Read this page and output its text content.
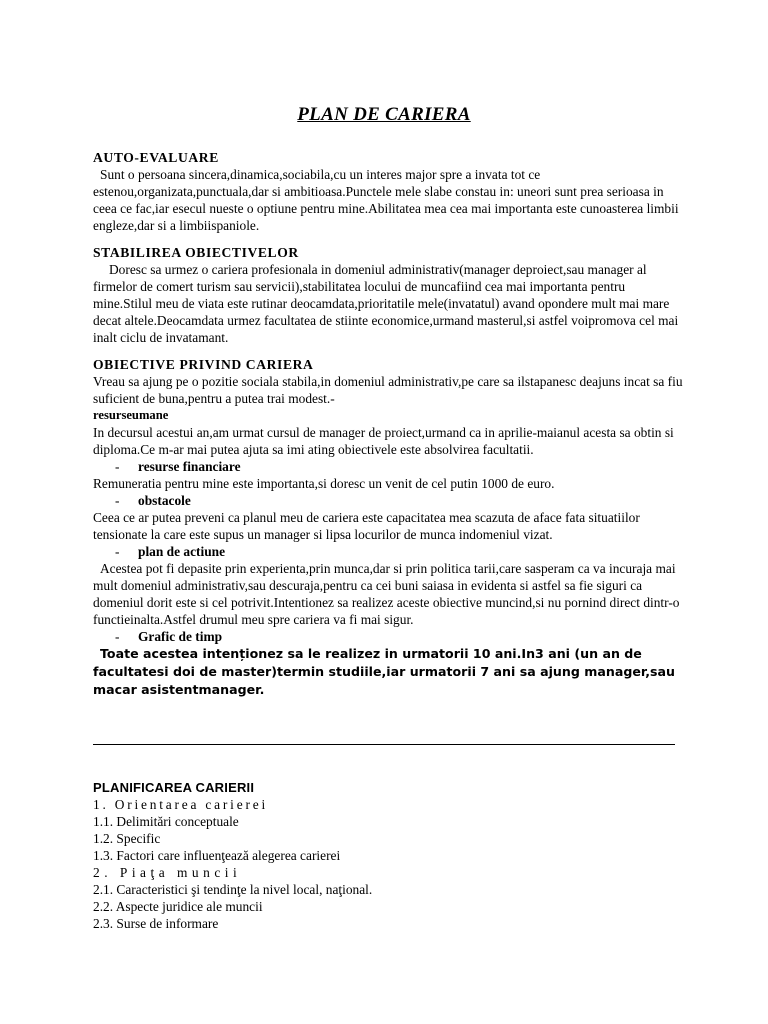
PLAN DE CARIERA
AUTO-EVALUARE

Sunt o persoana sincera,dinamica,sociabila,cu un interes major spre a invata tot ce estenou,organizata,punctuala,dar si ambitioasa.Punctele mele slabe constau in: uneori sunt prea serioasa in ceea ce fac,iar esecul nueste o optiune pentru mine.Abilitatea mea cea mai importanta este cunoasterea limbii engleze,dar si a limbiispaniole.

STABILIREA OBIECTIVELOR

Doresc sa urmez o cariera profesionala in domeniul administrativ(manager deproiect,sau manager al firmelor de comert turism sau servicii),stabilitatea locului de muncafiind cea mai importanta pentru mine.Stilul meu de viata este rutinar deocamdata,prioritatile mele(invatatul) avand opondere mult mai mare decat altele.Deocamdata urmez facultatea de stiinte economice,urmand masterul,si astfel voipromova cel mai inalt ciclu de invatamant.

OBIECTIVE PRIVIND CARIERA

Vreau sa ajung pe o pozitie sociala stabila,in domeniul administrativ,pe care sa ilstapanesc deajuns incat sa fiu suficient de buna,pentru a putea trai modest.-

resurseumane

In decursul acestui an,am urmat cursul de manager de proiect,urmand ca in aprilie-maianul acesta sa obtin si diploma.Ce m-ar mai putea ajuta sa imi ating obiectivele este absolvirea facultatii.

-	resurse financiare

Remuneratia pentru mine este importanta,si doresc un venit de cel putin 1000 de euro.

-	obstacole

Ceea ce ar putea preveni ca planul meu de cariera este capacitatea mea scazuta de aface fata situatiilor tensionate la care este supus un manager si lipsa locurilor de munca indomeniul vizat.

-	plan de actiune

Acestea pot fi depasite prin experienta,prin munca,dar si prin politica tarii,care sasperam ca va incuraja mai mult domeniul administrativ,sau descuraja,pentru ca cei buni saiasa in evidenta si astfel sa fie siguri ca domeniul dorit este si cel potrivit.Intentionez sa realizez aceste obiective muncind,si nu pornind direct dintr-o functieinalta.Astfel drumul meu spre cariera va fi mai sigur.

-	Grafic de timp

Toate acestea intenționez sa le realizez in urmatorii 10 ani.In3 ani (un an de facultatesi doi de master)termin studiile,iar urmatorii 7 ani sa ajung manager,sau macar asistentmanager.

PLANIFICAREA CARIERII
1. Orientarea carierei
1.1. Delimitări conceptuale
1.2. Specific
1.3. Factori care influenţează alegerea carierei
2. Piaţa muncii
2.1. Caracteristici şi tendinţe la nivel local, naţional.
2.2. Aspecte juridice ale muncii
2.3. Surse de informare
